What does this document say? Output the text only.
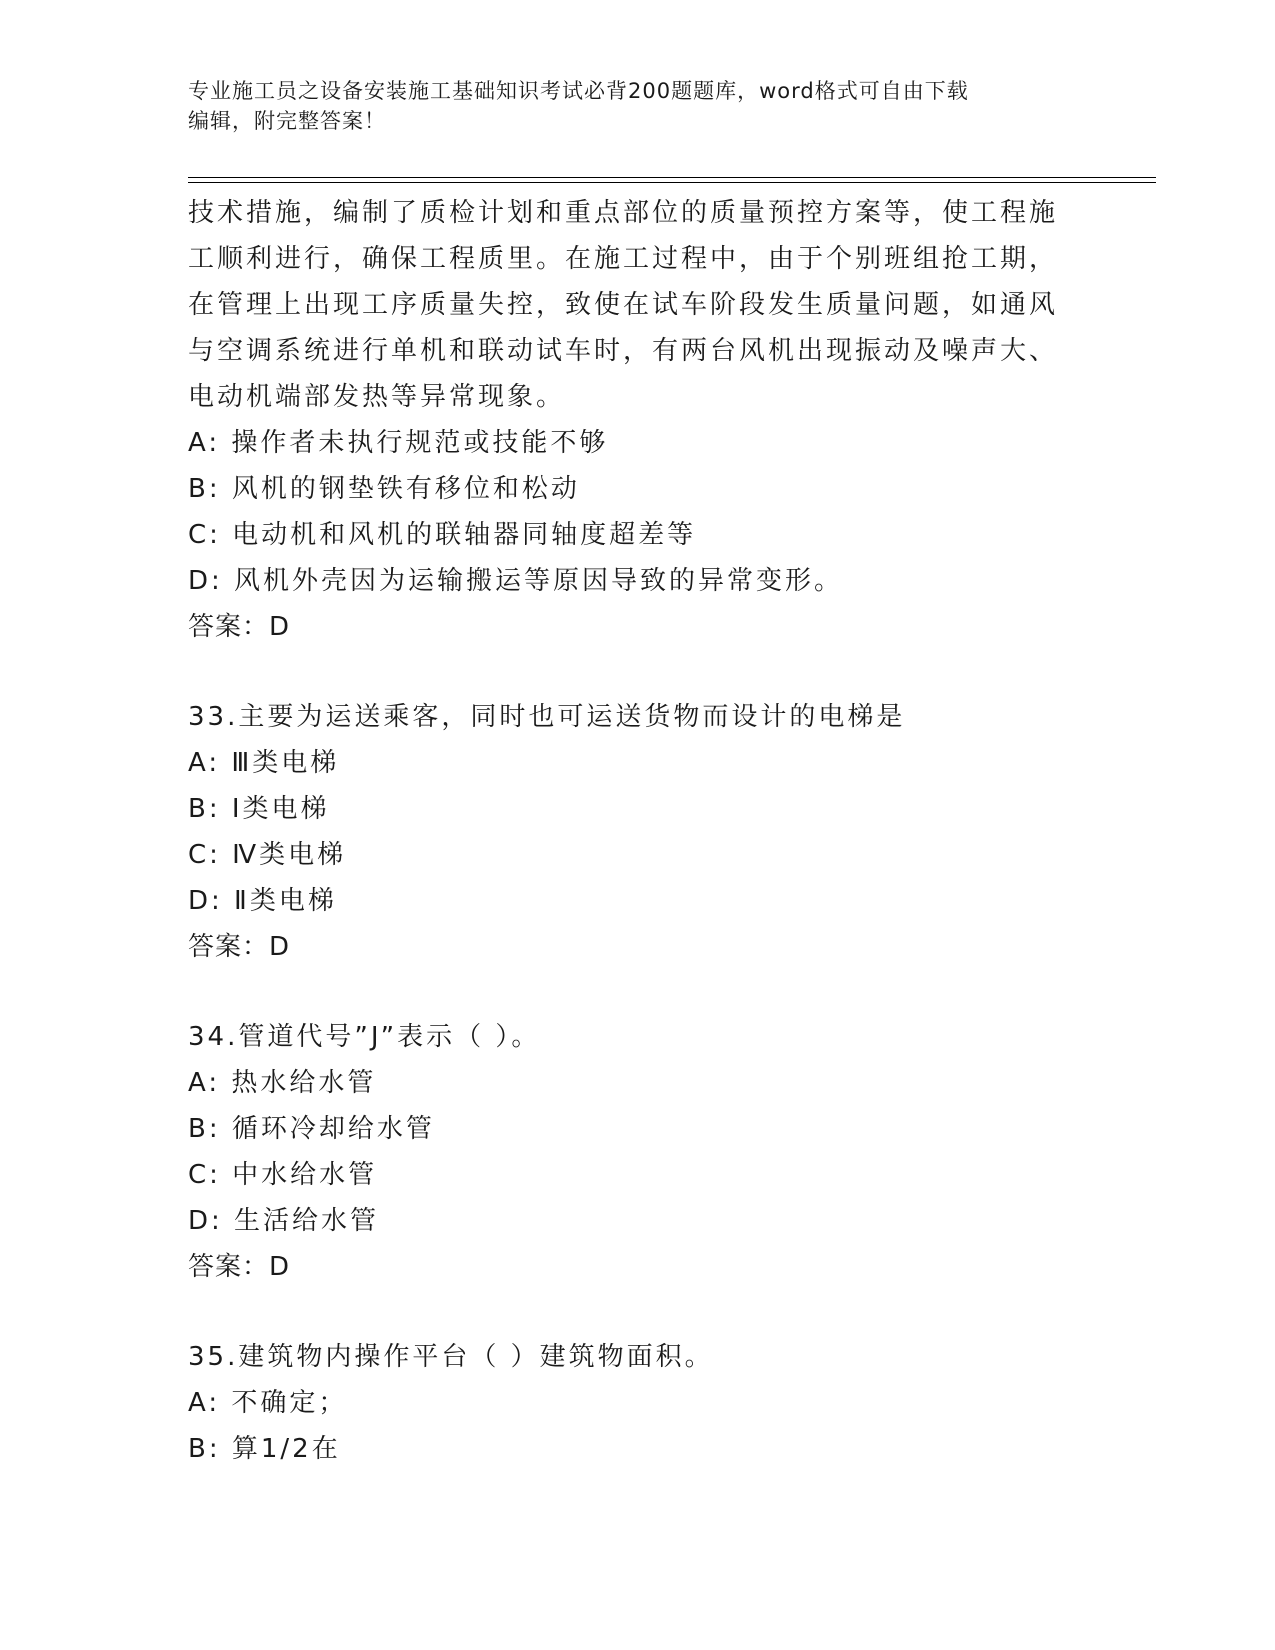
专业施工员之设备安装施工基础知识考试必背200题题库，word格式可自由下载
编辑，附完整答案！
技术措施，编制了质检计划和重点部位的质量预控方案等，使工程施
工顺利进行，确保工程质里。在施工过程中，由于个别班组抢工期，
在管理上出现工序质量失控，致使在试车阶段发生质量问题，如通风
与空调系统进行单机和联动试车时，有两台风机出现振动及噪声大、
电动机端部发热等异常现象。
A: 操作者未执行规范或技能不够
B: 风机的钢垫铁有移位和松动
C: 电动机和风机的联轴器同轴度超差等
D: 风机外壳因为运输搬运等原因导致的异常变形。
答案：D
33.主要为运送乘客，同时也可运送货物而设计的电梯是
A: Ⅲ类电梯
B: Ⅰ类电梯
C: Ⅳ类电梯
D: Ⅱ类电梯
答案：D
34.管道代号”J”表示（ ）。
A: 热水给水管
B: 循环冷却给水管
C: 中水给水管
D: 生活给水管
答案：D
35.建筑物内操作平台（ ）建筑物面积。
A: 不确定；
B: 算1/2在
